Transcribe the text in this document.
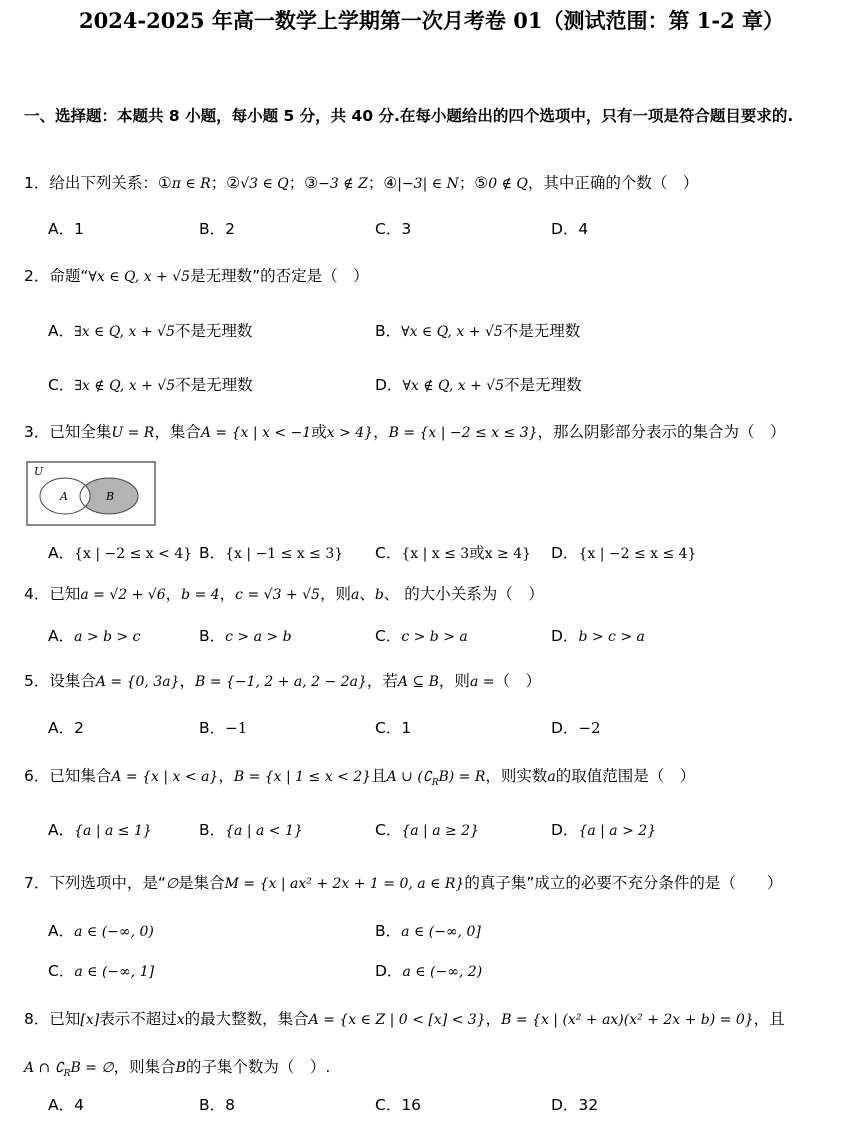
2024-2025 年高一数学上学期第一次月考卷 01（测试范围：第 1-2 章）
一、选择题：本题共 8 小题，每小题 5 分，共 40 分.在每小题给出的四个选项中，只有一项是符合题目要求的.
1．给出下列关系：①π ∈ R；②√3 ∈ Q；③−3 ∉ Z；④|−3| ∈ N；⑤0 ∉ Q，其中正确的个数（　）
A．1	B．2	C．3	D．4
2．命题“∀x ∈ Q, x + √5是无理数”的否定是（　）
A．∃x ∈ Q, x + √5不是无理数	B．∀x ∈ Q, x + √5不是无理数
C．∃x ∉ Q, x + √5不是无理数	D．∀x ∉ Q, x + √5不是无理数
3．已知全集U = R，集合A = {x | x < −1或x > 4}，B = {x | −2 ≤ x ≤ 3}，那么阴影部分表示的集合为（　）
U
A	B
A．{x | −2 ≤ x < 4} B．{x | −1 ≤ x ≤ 3} C．{x | x ≤ 3或x ≥ 4} D．{x | −2 ≤ x ≤ 4}
4．已知a = √2 + √6，b = 4，c = √3 + √5，则a、b、 的大小关系为（　）
A．a > b > c	B．c > a > b	C．c > b > a	D．b > c > a
5．设集合A = {0, 3a}，B = {−1, 2 + a, 2 − 2a}，若A ⊆ B，则a =（　）
A．2	B．−1	C．1	D．−2
6．已知集合A = {x | x < a}，B = {x | 1 ≤ x < 2}且A ∪ $(∁_RB) = R$，则实数a的取值范围是（　）
A．{a | a ≤ 1}	B．{a | a < 1}	C．{a | a ≥ 2}	D．{a | a > 2}
7．下列选项中，是“∅是集合M = {x | ax² + 2x + 1 = 0, a ∈ R}的真子集”成立的必要不充分条件的是（　　）
A．a ∈ (−∞, 0)	B．a ∈ (−∞, 0]
C．a ∈ (−∞, 1]	D．a ∈ (−∞, 2)
8．已知[x]表示不超过x的最大整数，集合A = {x ∈ Z | 0 < [x] < 3}，B = {x | (x² + ax)(x² + 2x + b) = 0}，且
A ∩ $∁_RB$ = ∅，则集合B的子集个数为（　）.
A．4	B．8	C．16	D．32
